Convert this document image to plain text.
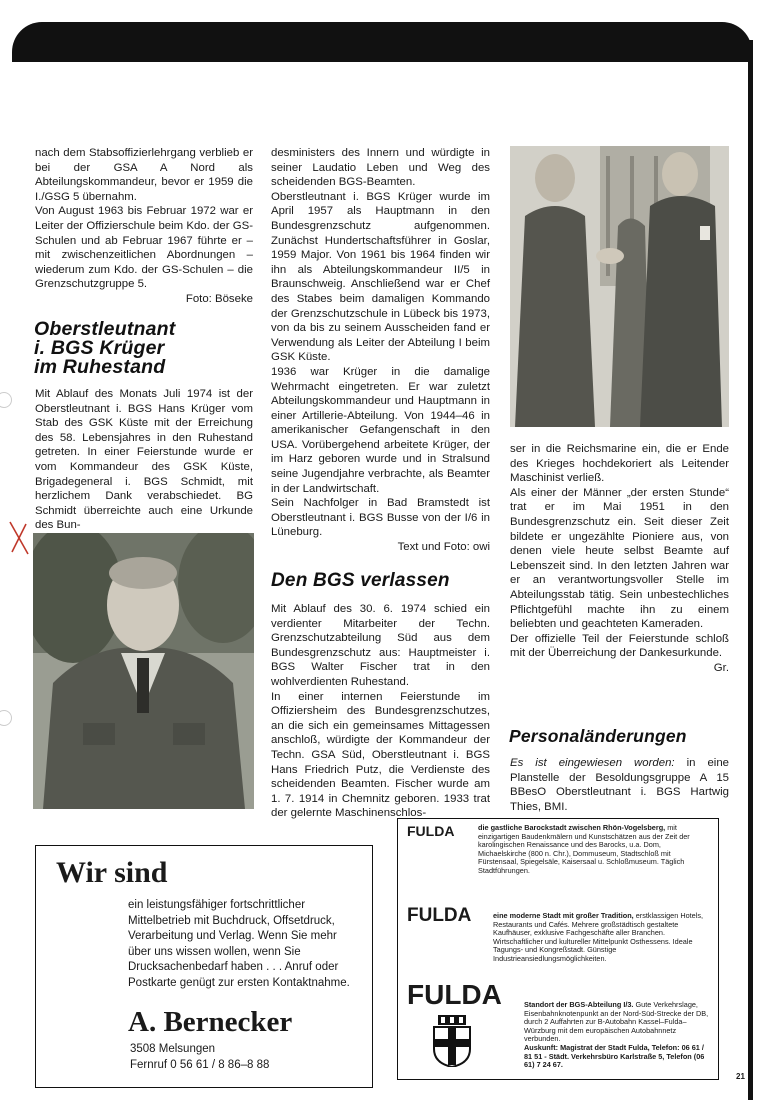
nach dem Stabsoffizierlehrgang verblieb er bei der GSA A Nord als Abteilungskommandeur, bevor er 1959 die I./GSG 5 übernahm.

Von August 1963 bis Februar 1972 war er Leiter der Offizierschule beim Kdo. der GS-Schulen und ab Februar 1967 führte er – mit zwischenzeitlichen Abordnungen – wiederum zum Kdo. der GS-Schulen – die Grenzschutzgruppe 5.

Foto: Böseke

Oberstleutnant
i. BGS Krüger
im Ruhestand

Mit Ablauf des Monats Juli 1974 ist der Oberstleutnant i. BGS Hans Krüger vom Stab des GSK Küste mit der Erreichung des 58. Lebensjahres in den Ruhestand getreten. In einer Feierstunde wurde er vom Kommandeur des GSK Küste, Brigadegeneral i. BGS Schmidt, mit herzlichem Dank verabschiedet. BG Schmidt überreichte auch eine Urkunde des Bun-

desministers des Innern und würdigte in seiner Laudatio Leben und Weg des scheidenden BGS-Beamten.

Oberstleutnant i. BGS Krüger wurde im April 1957 als Hauptmann in den Bundesgrenzschutz aufgenommen. Zunächst Hundertschaftsführer in Goslar, 1959 Major. Von 1961 bis 1964 finden wir ihn als Abteilungskommandeur II/5 in Braunschweig. Anschließend war er Chef des Stabes beim damaligen Kommando der Grenzschutzschule in Lübeck bis 1973, von da bis zu seinem Ausscheiden fand er Verwendung als Leiter der Abteilung I beim GSK Küste.

1936 war Krüger in die damalige Wehrmacht eingetreten. Er war zuletzt Abteilungskommandeur und Hauptmann in einer Artillerie-Abteilung. Von 1944–46 in amerikanischer Gefangenschaft in den USA. Vorübergehend arbeitete Krüger, der im Harz geboren wurde und in Stralsund seine Jugendjahre verbrachte, als Beamter in der Landwirtschaft.

Sein Nachfolger in Bad Bramstedt ist Oberstleutnant i. BGS Busse von der I/6 in Lüneburg.

Text und Foto: owi

Den BGS verlassen

Mit Ablauf des 30. 6. 1974 schied ein verdienter Mitarbeiter der Techn. Grenzschutzabteilung Süd aus dem Bundesgrenzschutz aus: Hauptmeister i. BGS Walter Fischer trat in den wohlverdienten Ruhestand.

In einer internen Feierstunde im Offiziersheim des Bundesgrenzschutzes, an die sich ein gemeinsames Mittagessen anschloß, würdigte der Kommandeur der Techn. GSA Süd, Oberstleutnant i. BGS Hans Friedrich Putz, die Verdienste des scheidenden Beamten. Fischer wurde am 1. 7. 1914 in Chemnitz geboren. 1933 trat der gelernte Maschinenschlos-

ser in die Reichsmarine ein, die er Ende des Krieges hochdekoriert als Leitender Maschinist verließ.

Als einer der Männer „der ersten Stunde“ trat er im Mai 1951 in den Bundesgrenzschutz ein. Seit dieser Zeit bildete er ungezählte Pioniere aus, von denen viele heute selbst Beamte auf Lebenszeit sind. In den letzten Jahren war er an verantwortungsvoller Stelle im Abteilungsstab tätig. Sein unbestechliches Pflichtgefühl machte ihn zu einem beliebten und geachteten Kameraden.

Der offizielle Teil der Feierstunde schloß mit der Überreichung der Dankesurkunde.
Gr.

Personaländerungen

Es ist eingewiesen worden: in eine Planstelle der Besoldungsgruppe A 15 BBesO Oberstleutnant i. BGS Hartwig Thies, BMI.

Wir sind
ein leistungsfähiger fortschrittlicher Mittelbetrieb mit Buchdruck, Offsetdruck, Verarbeitung und Verlag. Wenn Sie mehr über uns wissen wollen, wenn Sie Drucksachenbedarf haben . . . Anruf oder Postkarte genügt zur ersten Kontaktnahme.
A. Bernecker
3508 Melsungen
Fernruf 0 56 61 / 8 86–8 88
FULDA	die gastliche Barockstadt zwischen Rhön-Vogelsberg, mit einzigartigen Baudenkmälern und Kunstschätzen aus der Zeit der karolingischen Renaissance und des Barocks, u.a. Dom, Michaelskirche (800 n. Chr.), Dommuseum, Stadtschloß mit Fürstensaal, Spiegelsäle, Kaisersaal u. Schloßmuseum. Täglich Stadtführungen.
FULDA	eine moderne Stadt mit großer Tradition, erstklassigen Hotels, Restaurants und Cafés. Mehrere großstädtisch gestaltete Kaufhäuser, exklusive Fachgeschäfte aller Branchen. Wirtschaftlicher und kultureller Mittelpunkt Osthessens. Ideale Tagungs- und Kongreßstadt. Günstige Industrieansiedlungsmöglichkeiten.
FULDA	Standort der BGS-Abteilung I/3. Gute Verkehrslage, Eisenbahnknotenpunkt an der Nord-Süd-Strecke der DB, durch 2 Auffahrten zur B-Autobahn Kassel–Fulda–Würzburg mit dem europäischen Autobahnnetz verbunden.
Auskunft: Magistrat der Stadt Fulda, Telefon: 06 61 / 81 51 - Städt. Verkehrsbüro Karlstraße 5, Telefon (06 61) 7 24 67.
21
